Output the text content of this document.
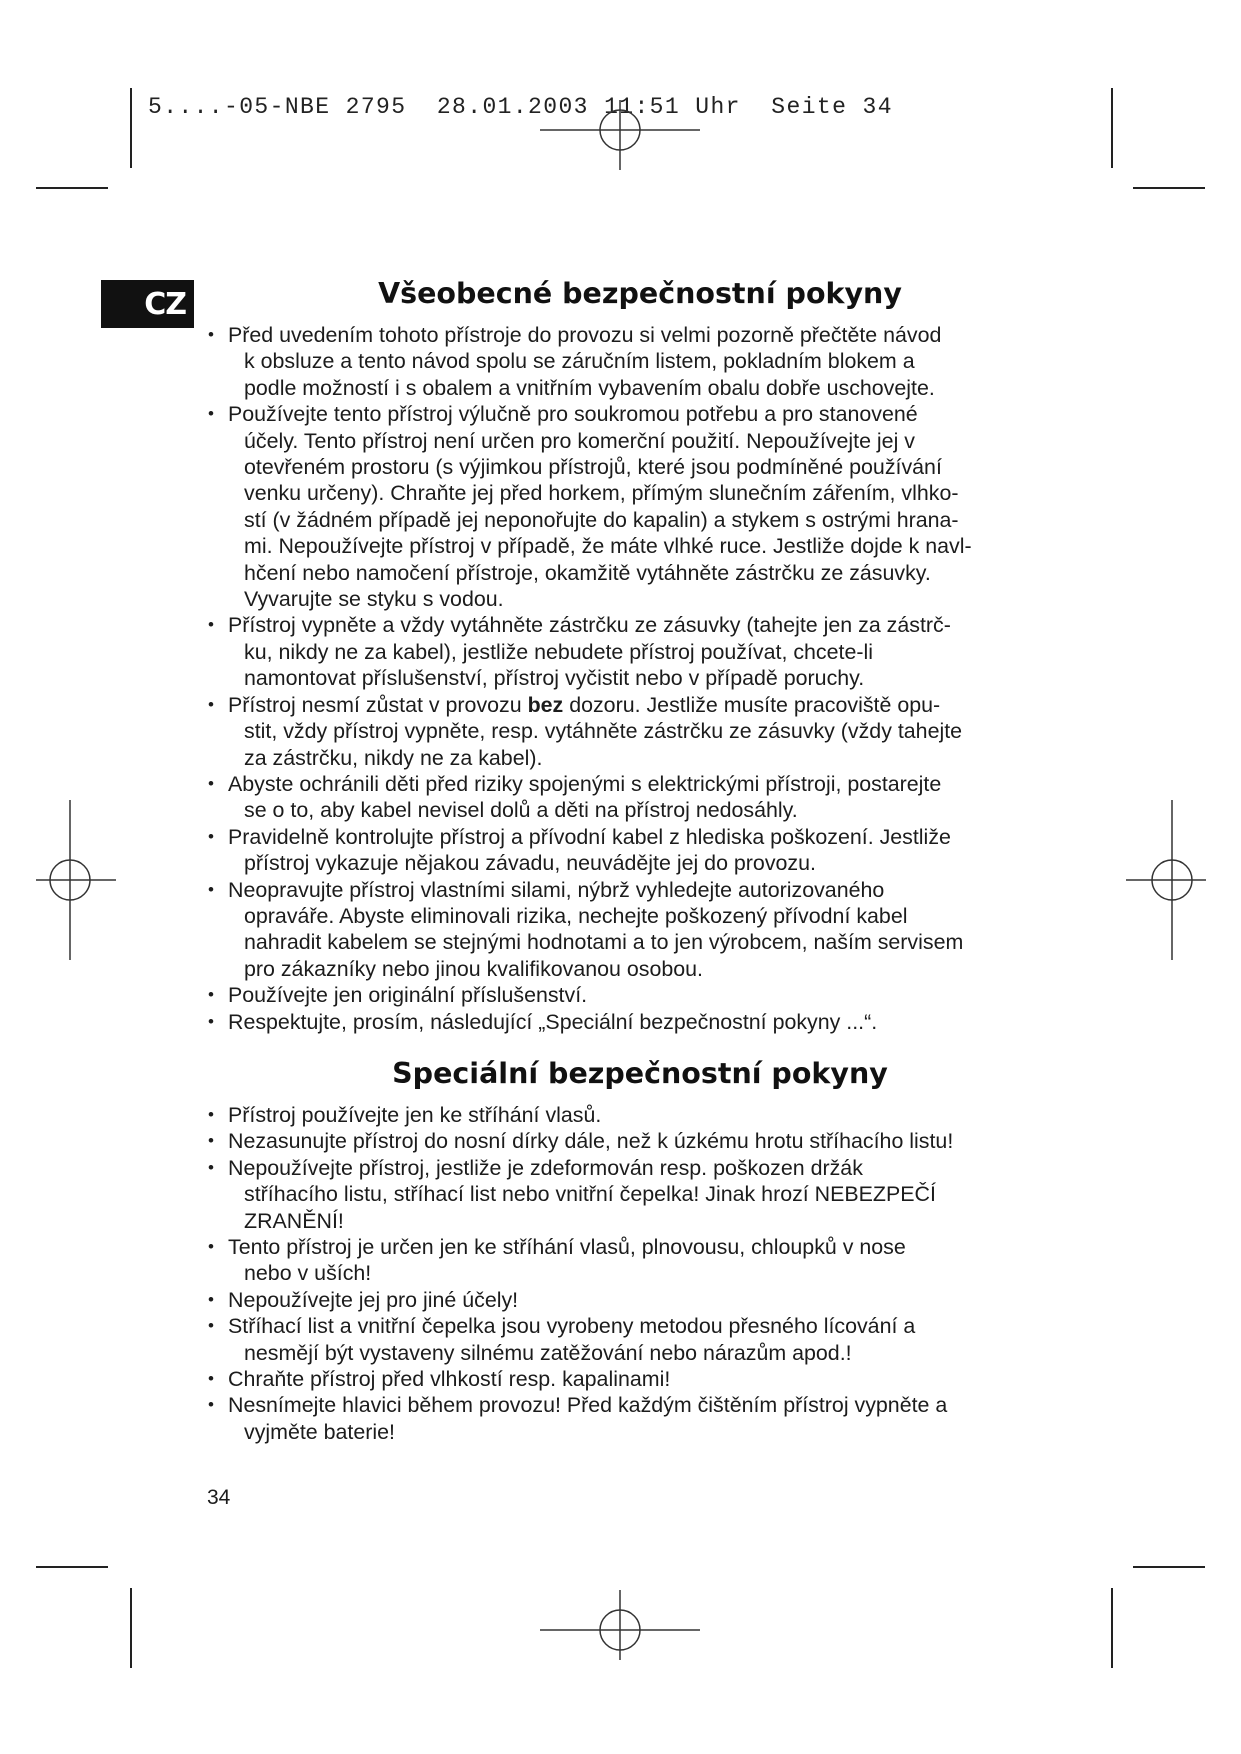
5....-05-NBE 2795  28.01.2003 11:51 Uhr  Seite 34
CZ	Všeobecné bezpečnostní pokyny
• Před uvedením tohoto přístroje do provozu si velmi pozorně přečtěte návod
k obsluze a tento návod spolu se záručním listem, pokladním blokem a
podle možností i s obalem a vnitřním vybavením obalu dobře uschovejte.
• Používejte tento přístroj výlučně pro soukromou potřebu a pro stanovené
účely. Tento přístroj není určen pro komerční použití. Nepoužívejte jej v
otevřeném prostoru (s výjimkou přístrojů, které jsou podmíněné používání
venku určeny). Chraňte jej před horkem, přímým slunečním zářením, vlhko-
stí (v žádném případě jej neponořujte do kapalin) a stykem s ostrými hrana-
mi. Nepoužívejte přístroj v případě, že máte vlhké ruce. Jestliže dojde k navl-
hčení nebo namočení přístroje, okamžitě vytáhněte zástrčku ze zásuvky.
Vyvarujte se styku s vodou.
• Přístroj vypněte a vždy vytáhněte zástrčku ze zásuvky (tahejte jen za zástrč-
ku, nikdy ne za kabel), jestliže nebudete přístroj používat, chcete-li
namontovat příslušenství, přístroj vyčistit nebo v případě poruchy.
• Přístroj nesmí zůstat v provozu bez dozoru. Jestliže musíte pracoviště opu-
stit, vždy přístroj vypněte, resp. vytáhněte zástrčku ze zásuvky (vždy tahejte
za zástrčku, nikdy ne za kabel).
• Abyste ochránili děti před riziky spojenými s elektrickými přístroji, postarejte
se o to, aby kabel nevisel dolů a děti na přístroj nedosáhly.
• Pravidelně kontrolujte přístroj a přívodní kabel z hlediska poškození. Jestliže
přístroj vykazuje nějakou závadu, neuvádějte jej do provozu.
• Neopravujte přístroj vlastními silami, nýbrž vyhledejte autorizovaného
opraváře. Abyste eliminovali rizika, nechejte poškozený přívodní kabel
nahradit kabelem se stejnými hodnotami a to jen výrobcem, naším servisem
pro zákazníky nebo jinou kvalifikovanou osobou.
• Používejte jen originální příslušenství.
• Respektujte, prosím, následující „Speciální bezpečnostní pokyny ...“.
Speciální bezpečnostní pokyny
• Přístroj používejte jen ke stříhání vlasů.
• Nezasunujte přístroj do nosní dírky dále, než k úzkému hrotu stříhacího listu!
• Nepoužívejte přístroj, jestliže je zdeformován resp. poškozen držák
stříhacího listu, stříhací list nebo vnitřní čepelka! Jinak hrozí NEBEZPEČÍ
ZRANĚNÍ!
• Tento přístroj je určen jen ke stříhání vlasů, plnovousu, chloupků v nose
nebo v uších!
• Nepoužívejte jej pro jiné účely!
• Stříhací list a vnitřní čepelka jsou vyrobeny metodou přesného lícování a
nesmějí být vystaveny silnému zatěžování nebo nárazům apod.!
• Chraňte přístroj před vlhkostí resp. kapalinami!
• Nesnímejte hlavici během provozu! Před každým čištěním přístroj vypněte a
vyjměte baterie!
34
